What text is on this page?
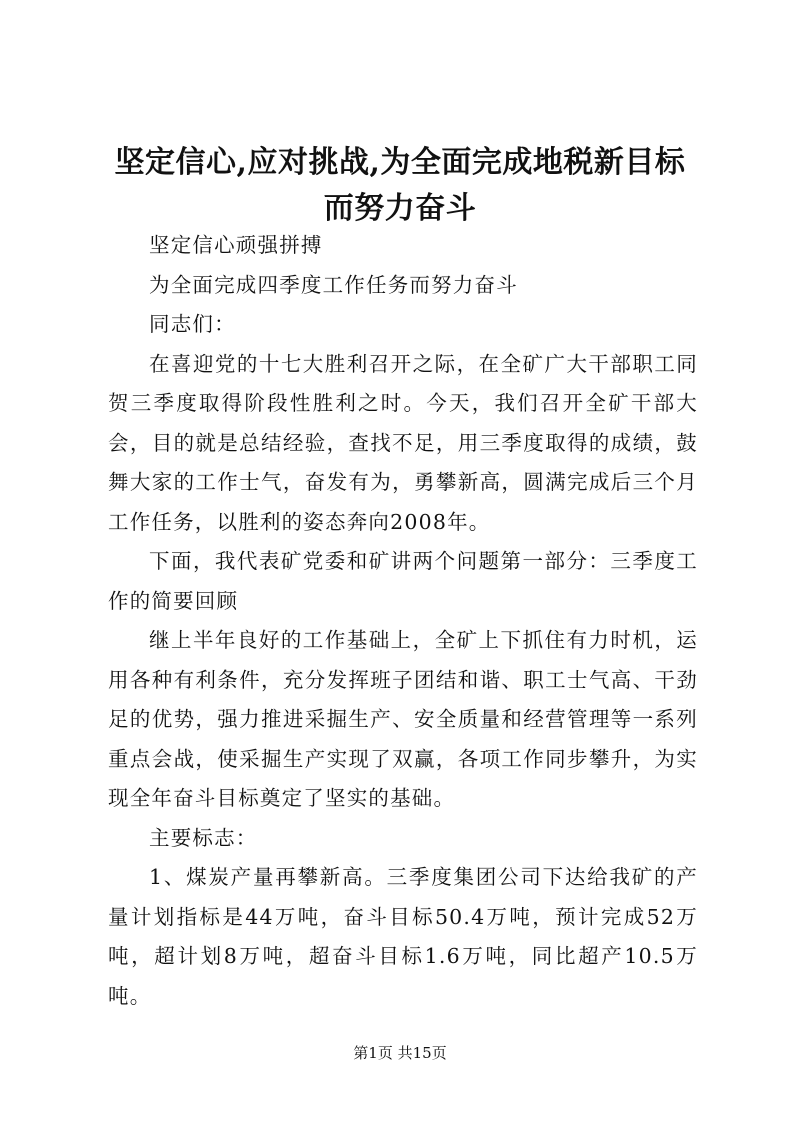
坚定信心,应对挑战,为全面完成地税新目标而努力奋斗

坚定信心顽强拼搏

为全面完成四季度工作任务而努力奋斗

同志们：

在喜迎党的十七大胜利召开之际，在全矿广大干部职工同贺三季度取得阶段性胜利之时。今天，我们召开全矿干部大会，目的就是总结经验，查找不足，用三季度取得的成绩，鼓舞大家的工作士气，奋发有为，勇攀新高，圆满完成后三个月工作任务，以胜利的姿态奔向2008年。

下面，我代表矿党委和矿讲两个问题第一部分：三季度工作的简要回顾

继上半年良好的工作基础上，全矿上下抓住有力时机，运用各种有利条件，充分发挥班子团结和谐、职工士气高、干劲足的优势，强力推进采掘生产、安全质量和经营管理等一系列重点会战，使采掘生产实现了双赢，各项工作同步攀升，为实现全年奋斗目标奠定了坚实的基础。

主要标志：

1、煤炭产量再攀新高。三季度集团公司下达给我矿的产量计划指标是44万吨，奋斗目标50.4万吨，预计完成52万吨，超计划8万吨，超奋斗目标1.6万吨，同比超产10.5万吨。

第1页 共15页
